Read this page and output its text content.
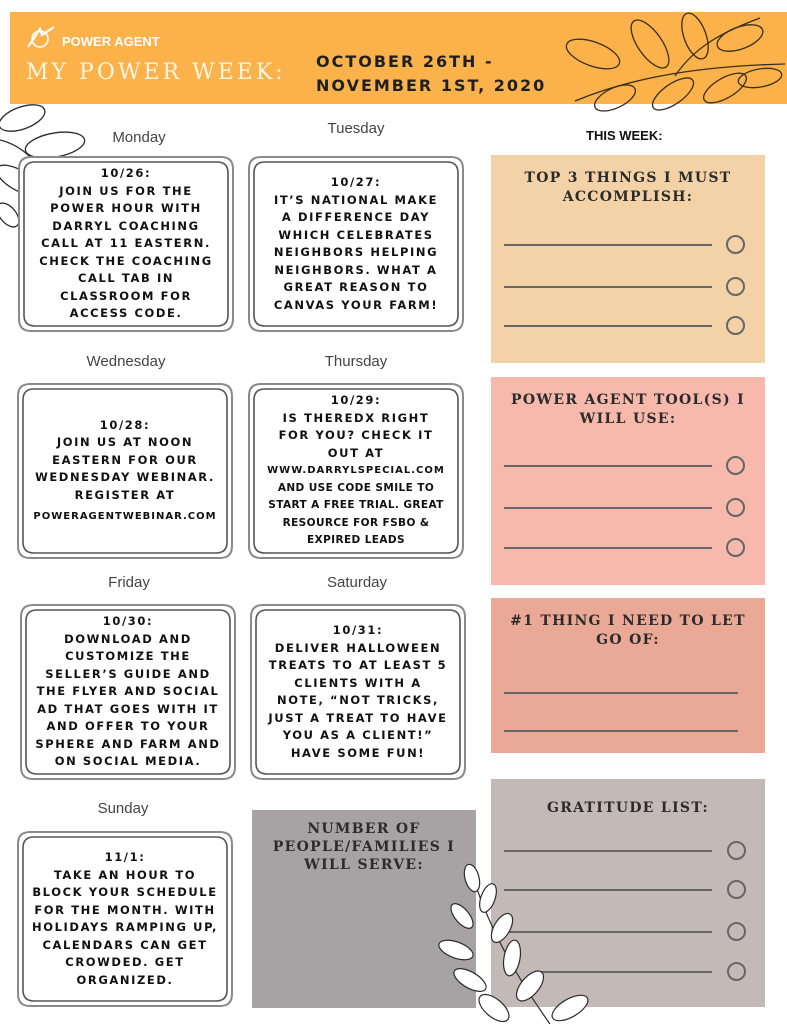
POWER AGENT
MY POWER WEEK: OCTOBER 26TH -
NOVEMBER 1ST, 2020
Monday
Tuesday
Wednesday	Thursday
Friday	Saturday
Sunday
10/26:
JOIN US FOR THE
POWER HOUR WITH
DARRYL COACHING
CALL AT 11 EASTERN.
CHECK THE COACHING
CALL TAB IN
CLASSROOM FOR
ACCESS CODE.
10/27:
IT’S NATIONAL MAKE
A DIFFERENCE DAY
WHICH CELEBRATES
NEIGHBORS HELPING
NEIGHBORS. WHAT A
GREAT REASON TO
CANVAS YOUR FARM!
10/28:
JOIN US AT NOON
EASTERN FOR OUR
WEDNESDAY WEBINAR.
REGISTER AT
POWERAGENTWEBINAR.COM
10/29:
IS THEREDX RIGHT
FOR YOU? CHECK IT
OUT AT
WWW.DARRYLSPECIAL.COM
AND USE CODE SMILE TO
START A FREE TRIAL. GREAT
RESOURCE FOR FSBO &
EXPIRED LEADS
10/30:
DOWNLOAD AND
CUSTOMIZE THE
SELLER’S GUIDE AND
THE FLYER AND SOCIAL
AD THAT GOES WITH IT
AND OFFER TO YOUR
SPHERE AND FARM AND
ON SOCIAL MEDIA.
10/31:
DELIVER HALLOWEEN
TREATS TO AT LEAST 5
CLIENTS WITH A
NOTE, “NOT TRICKS,
JUST A TREAT TO HAVE
YOU AS A CLIENT!”
HAVE SOME FUN!
11/1:
TAKE AN HOUR TO
BLOCK YOUR SCHEDULE
FOR THE MONTH. WITH
HOLIDAYS RAMPING UP,
CALENDARS CAN GET
CROWDED. GET
ORGANIZED.
THIS WEEK:
TOP 3 THINGS I MUST ACCOMPLISH:
POWER AGENT TOOL(S) I WILL USE:
#1 THING I NEED TO LET GO OF:
GRATITUDE LIST:
NUMBER OF PEOPLE/FAMILIES I WILL SERVE:
